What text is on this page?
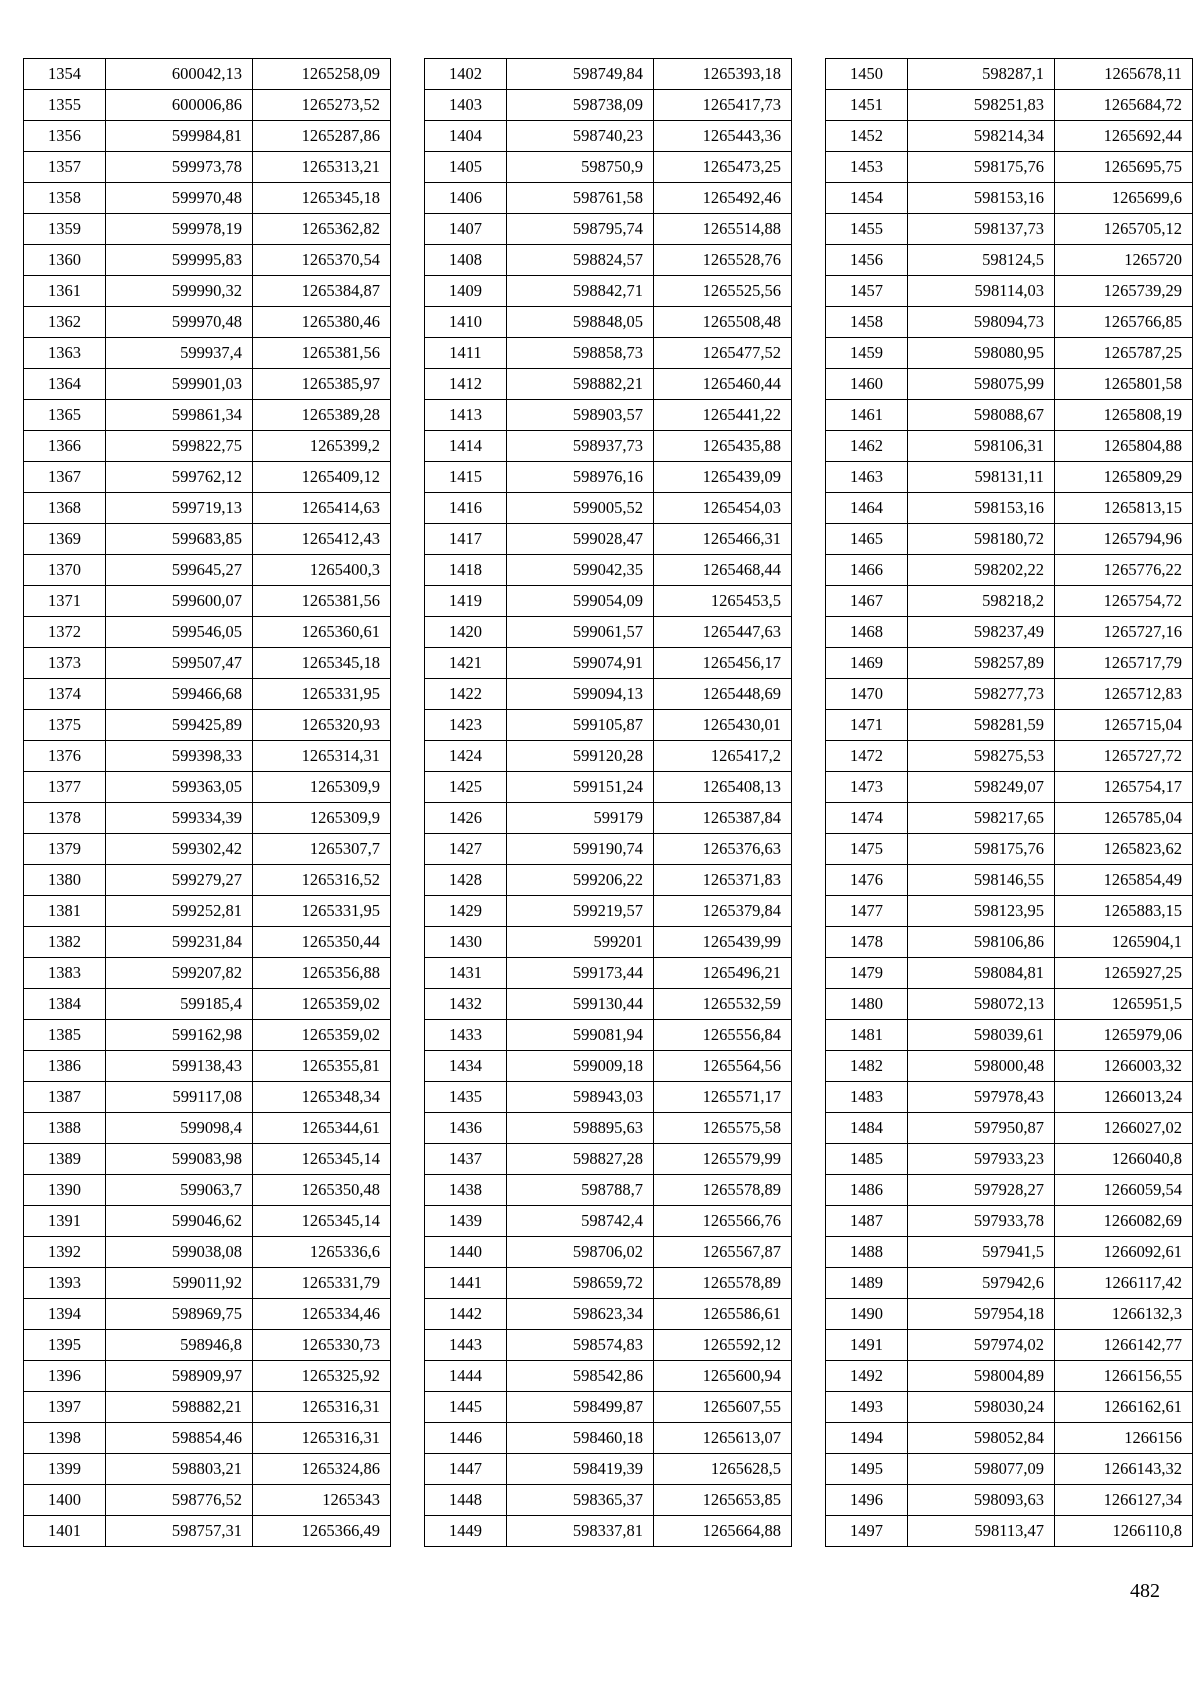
1354	600042,13	1265258,09
1355	600006,86	1265273,52
1356	599984,81	1265287,86
1357	599973,78	1265313,21
1358	599970,48	1265345,18
1359	599978,19	1265362,82
1360	599995,83	1265370,54
1361	599990,32	1265384,87
1362	599970,48	1265380,46
1363	599937,4	1265381,56
1364	599901,03	1265385,97
1365	599861,34	1265389,28
1366	599822,75	1265399,2
1367	599762,12	1265409,12
1368	599719,13	1265414,63
1369	599683,85	1265412,43
1370	599645,27	1265400,3
1371	599600,07	1265381,56
1372	599546,05	1265360,61
1373	599507,47	1265345,18
1374	599466,68	1265331,95
1375	599425,89	1265320,93
1376	599398,33	1265314,31
1377	599363,05	1265309,9
1378	599334,39	1265309,9
1379	599302,42	1265307,7
1380	599279,27	1265316,52
1381	599252,81	1265331,95
1382	599231,84	1265350,44
1383	599207,82	1265356,88
1384	599185,4	1265359,02
1385	599162,98	1265359,02
1386	599138,43	1265355,81
1387	599117,08	1265348,34
1388	599098,4	1265344,61
1389	599083,98	1265345,14
1390	599063,7	1265350,48
1391	599046,62	1265345,14
1392	599038,08	1265336,6
1393	599011,92	1265331,79
1394	598969,75	1265334,46
1395	598946,8	1265330,73
1396	598909,97	1265325,92
1397	598882,21	1265316,31
1398	598854,46	1265316,31
1399	598803,21	1265324,86
1400	598776,52	1265343
1401	598757,31	1265366,49
1402	598749,84	1265393,18
1403	598738,09	1265417,73
1404	598740,23	1265443,36
1405	598750,9	1265473,25
1406	598761,58	1265492,46
1407	598795,74	1265514,88
1408	598824,57	1265528,76
1409	598842,71	1265525,56
1410	598848,05	1265508,48
1411	598858,73	1265477,52
1412	598882,21	1265460,44
1413	598903,57	1265441,22
1414	598937,73	1265435,88
1415	598976,16	1265439,09
1416	599005,52	1265454,03
1417	599028,47	1265466,31
1418	599042,35	1265468,44
1419	599054,09	1265453,5
1420	599061,57	1265447,63
1421	599074,91	1265456,17
1422	599094,13	1265448,69
1423	599105,87	1265430,01
1424	599120,28	1265417,2
1425	599151,24	1265408,13
1426	599179	1265387,84
1427	599190,74	1265376,63
1428	599206,22	1265371,83
1429	599219,57	1265379,84
1430	599201	1265439,99
1431	599173,44	1265496,21
1432	599130,44	1265532,59
1433	599081,94	1265556,84
1434	599009,18	1265564,56
1435	598943,03	1265571,17
1436	598895,63	1265575,58
1437	598827,28	1265579,99
1438	598788,7	1265578,89
1439	598742,4	1265566,76
1440	598706,02	1265567,87
1441	598659,72	1265578,89
1442	598623,34	1265586,61
1443	598574,83	1265592,12
1444	598542,86	1265600,94
1445	598499,87	1265607,55
1446	598460,18	1265613,07
1447	598419,39	1265628,5
1448	598365,37	1265653,85
1449	598337,81	1265664,88
1450	598287,1	1265678,11
1451	598251,83	1265684,72
1452	598214,34	1265692,44
1453	598175,76	1265695,75
1454	598153,16	1265699,6
1455	598137,73	1265705,12
1456	598124,5	1265720
1457	598114,03	1265739,29
1458	598094,73	1265766,85
1459	598080,95	1265787,25
1460	598075,99	1265801,58
1461	598088,67	1265808,19
1462	598106,31	1265804,88
1463	598131,11	1265809,29
1464	598153,16	1265813,15
1465	598180,72	1265794,96
1466	598202,22	1265776,22
1467	598218,2	1265754,72
1468	598237,49	1265727,16
1469	598257,89	1265717,79
1470	598277,73	1265712,83
1471	598281,59	1265715,04
1472	598275,53	1265727,72
1473	598249,07	1265754,17
1474	598217,65	1265785,04
1475	598175,76	1265823,62
1476	598146,55	1265854,49
1477	598123,95	1265883,15
1478	598106,86	1265904,1
1479	598084,81	1265927,25
1480	598072,13	1265951,5
1481	598039,61	1265979,06
1482	598000,48	1266003,32
1483	597978,43	1266013,24
1484	597950,87	1266027,02
1485	597933,23	1266040,8
1486	597928,27	1266059,54
1487	597933,78	1266082,69
1488	597941,5	1266092,61
1489	597942,6	1266117,42
1490	597954,18	1266132,3
1491	597974,02	1266142,77
1492	598004,89	1266156,55
1493	598030,24	1266162,61
1494	598052,84	1266156
1495	598077,09	1266143,32
1496	598093,63	1266127,34
1497	598113,47	1266110,8
482
